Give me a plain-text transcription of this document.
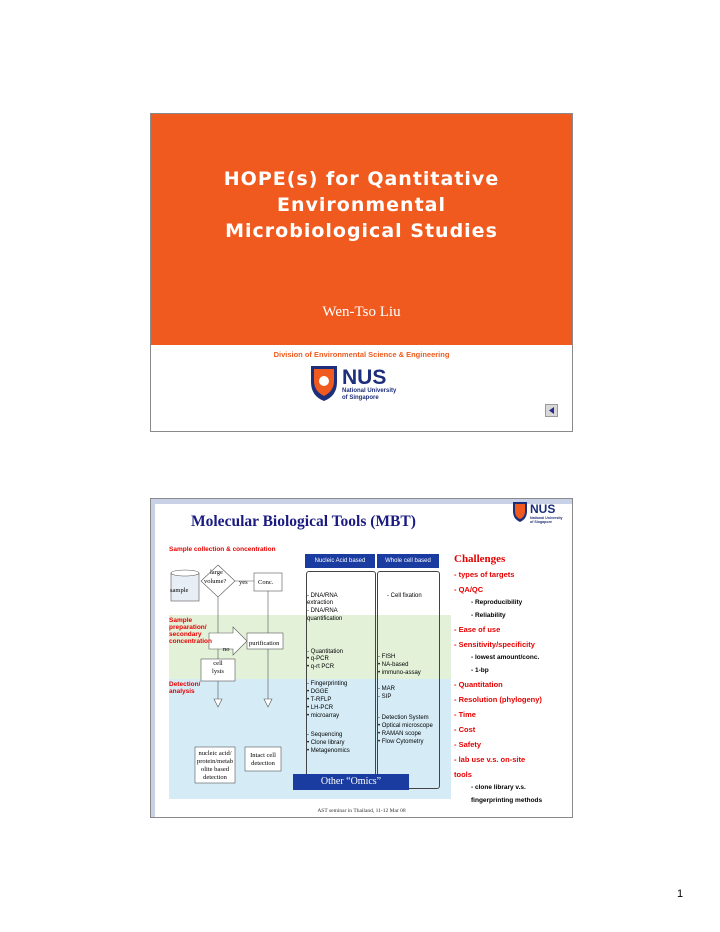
HOPE(s) for Qantitative
Environmental
Microbiological Studies
Wen-Tso Liu
Division of Environmental Science & Engineering
NUS
National University
of Singapore
Molecular Biological Tools (MBT)
NUS
National University
of Singapore
Sample collection & concentration
Sample preparation/ secondary concentration
Detection/ analysis
sample
large
volume? yes Conc.
no
purification
cell
lysis
nucleic acid/
protein/metab
olite based
detection
Intact cell
detection
Nucleic Acid based	Whole cell based
- DNA/RNA
extraction
- DNA/RNA
quantification
- Quantitation
• q-PCR
• q-rt PCR
- Fingerprinting
• DGGE
• T-RFLP
• LH-PCR
• microarray
- Sequencing
• Clone library
• Metagenomics
- Cell fixation
- FISH
• NA-based
• immuno-assay
- MAR
- SIP
- Detection System
• Optical microscope
• RAMAN scope
• Flow Cytometry
Other “Omics”
Challenges
- types of targets
- QA/QC
- Reproducibility
- Reliability
- Ease of use
- Sensitivity/specificity
- lowest amount/conc.
- 1-bp
- Quantitation
- Resolution (phylogeny)
- Time
- Cost
- Safety
- lab use v.s. on-site
tools
- clone library v.s.
fingerprinting methods
AST seminar in Thailand, 11-12 Mar 08
1
